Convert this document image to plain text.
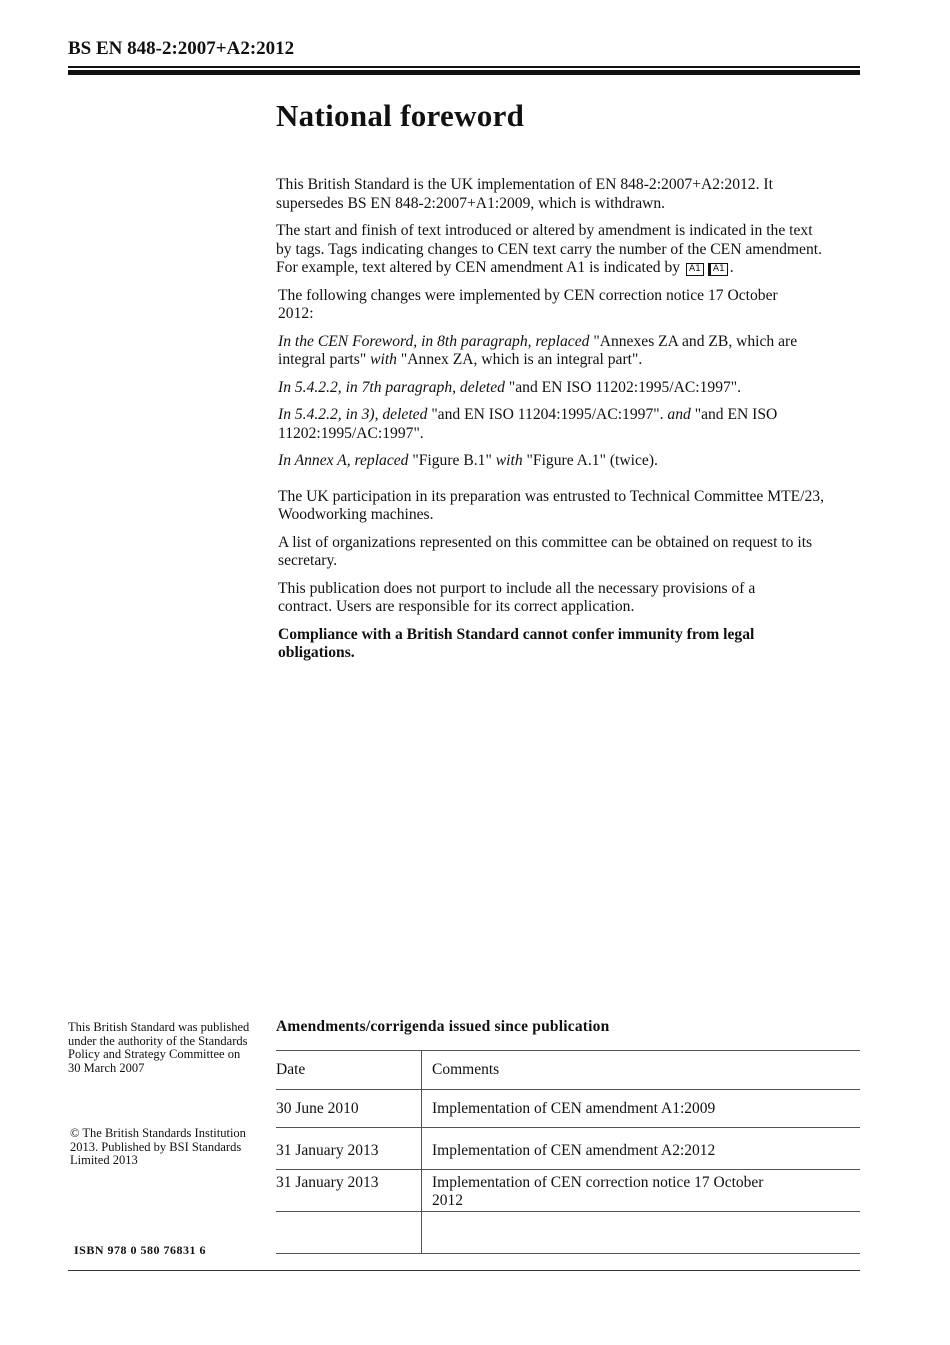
BS EN 848-2:2007+A2:2012
National foreword

This British Standard is the UK implementation of EN 848-2:2007+A2:2012. It supersedes BS EN 848-2:2007+A1:2009, which is withdrawn.

The start and finish of text introduced or altered by amendment is indicated in the text by tags. Tags indicating changes to CEN text carry the number of the CEN amendment. For example, text altered by CEN amendment A1 is indicated by A1 A1 .

The following changes were implemented by CEN correction notice 17 October 2012:

In the CEN Foreword, in 8th paragraph, replaced "Annexes ZA and ZB, which are integral parts" with "Annex ZA, which is an integral part".

In 5.4.2.2, in 7th paragraph, deleted "and EN ISO 11202:1995/AC:1997".

In 5.4.2.2, in 3), deleted "and EN ISO 11204:1995/AC:1997". and "and EN ISO 11202:1995/AC:1997".

In Annex A, replaced "Figure B.1" with "Figure A.1" (twice).

The UK participation in its preparation was entrusted to Technical Committee MTE/23, Woodworking machines.

A list of organizations represented on this committee can be obtained on request to its secretary.

This publication does not purport to include all the necessary provisions of a contract. Users are responsible for its correct application.

Compliance with a British Standard cannot confer immunity from legal obligations.

This British Standard was published under the authority of the Standards Policy and Strategy Committee on 30 March 2007
© The British Standards Institution 2013. Published by BSI Standards Limited 2013
ISBN 978 0 580 76831 6
Amendments/corrigenda issued since publication
Date	Comments

30 June 2010	Implementation of CEN amendment A1:2009

31 January 2013	Implementation of CEN amendment A2:2012

31 January 2013	Implementation of CEN correction notice 17 October 2012
